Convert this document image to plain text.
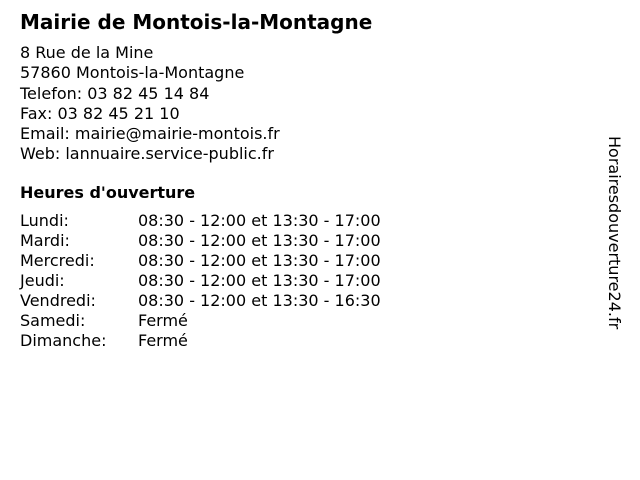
Mairie de Montois-la-Montagne
8 Rue de la Mine
57860 Montois-la-Montagne
Telefon: 03 82 45 14 84
Fax: 03 82 45 21 10
Email: mairie@mairie-montois.fr
Web: lannuaire.service-public.fr
Heures d'ouverture
Lundi:	08:30 - 12:00 et 13:30 - 17:00
Mardi:	08:30 - 12:00 et 13:30 - 17:00
Mercredi:	08:30 - 12:00 et 13:30 - 17:00
Jeudi:	08:30 - 12:00 et 13:30 - 17:00
Vendredi:	08:30 - 12:00 et 13:30 - 16:30
Samedi:	Fermé
Dimanche:	Fermé
Horairesdouverture24.fr
